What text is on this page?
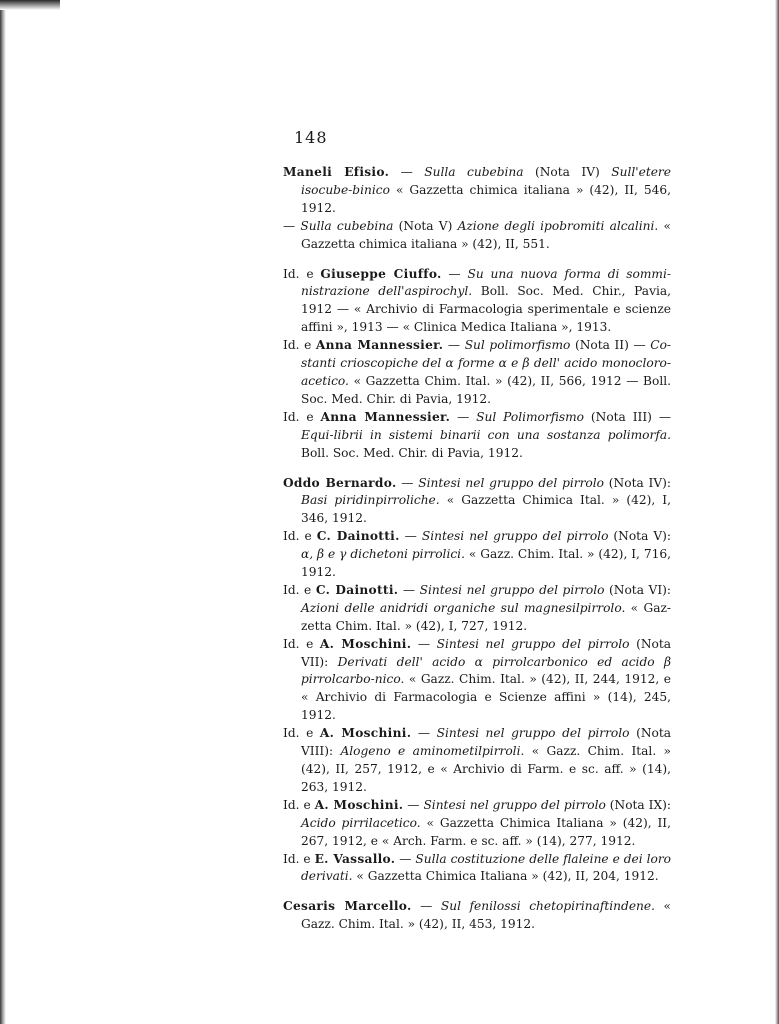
148
Maneli Efisio. — Sulla cubebina (Nota IV) Sull'etere isocube-binico « Gazzetta chimica italiana » (42), II, 546, 1912.
— Sulla cubebina (Nota V) Azione degli ipobromiti alcalini. « Gazzetta chimica italiana » (42), II, 551.
Id. e Giuseppe Ciuffo. — Su una nuova forma di sommi-nistrazione dell'aspirochyl. Boll. Soc. Med. Chir., Pavia, 1912 — « Archivio di Farmacologia sperimentale e scienze affini », 1913 — « Clinica Medica Italiana », 1913.
Id. e Anna Mannessier. — Sul polimorfismo (Nota II) — Co-stanti crioscopiche del α forme α e β dell' acido monocloro-acetico. « Gazzetta Chim. Ital. » (42), II, 566, 1912 — Boll. Soc. Med. Chir. di Pavia, 1912.
Id. e Anna Mannessier. — Sul Polimorfismo (Nota III) — Equi-librii in sistemi binarii con una sostanza polimorfa. Boll. Soc. Med. Chir. di Pavia, 1912.
Oddo Bernardo. — Sintesi nel gruppo del pirrolo (Nota IV): Basi piridinpirroliche. « Gazzetta Chimica Ital. » (42), I, 346, 1912.
Id. e C. Dainotti. — Sintesi nel gruppo del pirrolo (Nota V): α, β e γ dichetoni pirrolici. « Gazz. Chim. Ital. » (42), I, 716, 1912.
Id. e C. Dainotti. — Sintesi nel gruppo del pirrolo (Nota VI): Azioni delle anidridi organiche sul magnesilpirrolo. « Gaz-zetta Chim. Ital. » (42), I, 727, 1912.
Id. e A. Moschini. — Sintesi nel gruppo del pirrolo (Nota VII): Derivati dell' acido α pirrolcarbonico ed acido β pirrolcarbo-nico. « Gazz. Chim. Ital. » (42), II, 244, 1912, e « Archivio di Farmacologia e Scienze affini » (14), 245, 1912.
Id. e A. Moschini. — Sintesi nel gruppo del pirrolo (Nota VIII): Alogeno e aminometilpirroli. « Gazz. Chim. Ital. » (42), II, 257, 1912, e « Archivio di Farm. e sc. aff. » (14), 263, 1912.
Id. e A. Moschini. — Sintesi nel gruppo del pirrolo (Nota IX): Acido pirrilacetico. « Gazzetta Chimica Italiana » (42), II, 267, 1912, e « Arch. Farm. e sc. aff. » (14), 277, 1912.
Id. e E. Vassallo. — Sulla costituzione delle flaleine e dei loro derivati. « Gazzetta Chimica Italiana » (42), II, 204, 1912.
Cesaris Marcello. — Sul fenilossi chetopirinaftindene. « Gazz. Chim. Ital. » (42), II, 453, 1912.
